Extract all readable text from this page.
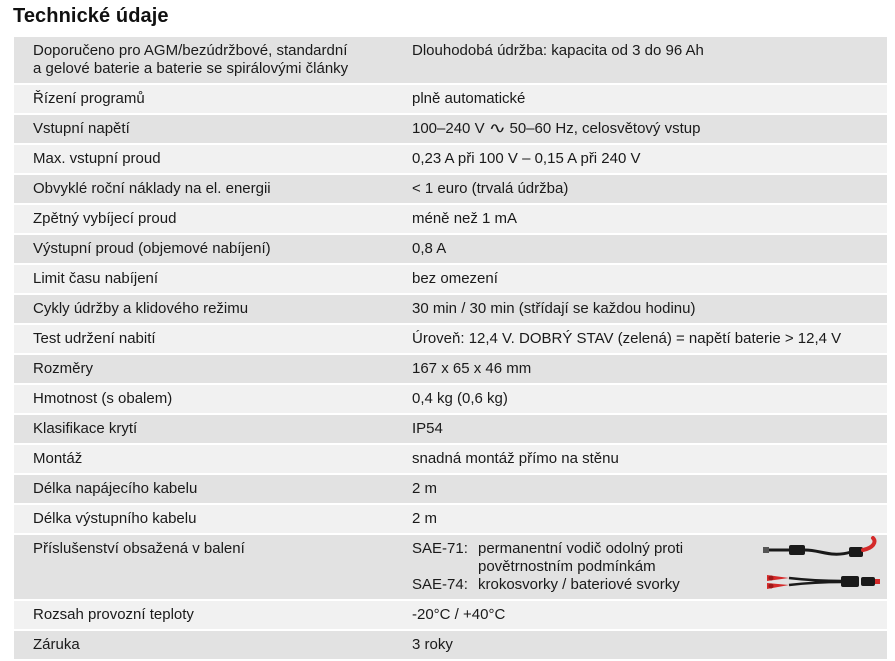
Technické údaje
Doporučeno pro AGM/bezúdržbové, standardní
a gelové baterie a baterie se spirálovými články	Dlouhodobá údržba: kapacita od 3 do 96 Ah
Řízení programů	plně automatické
Vstupní napětí	100–240 V ∿ 50–60 Hz, celosvětový vstup
Max. vstupní proud	0,23 A při 100 V – 0,15 A při 240 V
Obvyklé roční náklady na el. energii	< 1 euro (trvalá údržba)
Zpětný vybíjecí proud	méně než 1 mA
Výstupní proud (objemové nabíjení)	0,8 A
Limit času nabíjení	bez omezení
Cykly údržby a klidového režimu	30 min / 30 min (střídají se každou hodinu)
Test udržení nabití	Úroveň: 12,4 V. DOBRÝ STAV (zelená) = napětí baterie > 12,4 V
Rozměry	167 x 65 x 46 mm
Hmotnost (s obalem)	0,4 kg (0,6 kg)
Klasifikace krytí	IP54
Montáž	snadná montáž přímo na stěnu
Délka napájecího kabelu	2 m
Délka výstupního kabelu	2 m
Příslušenství obsažená v balení	SAE-71: permanentní vodič odolný proti povětrnostním podmínkám
SAE-74: krokosvorky / bateriové svorky

Rozsah provozní teploty	-20°C / +40°C
Záruka	3 roky
